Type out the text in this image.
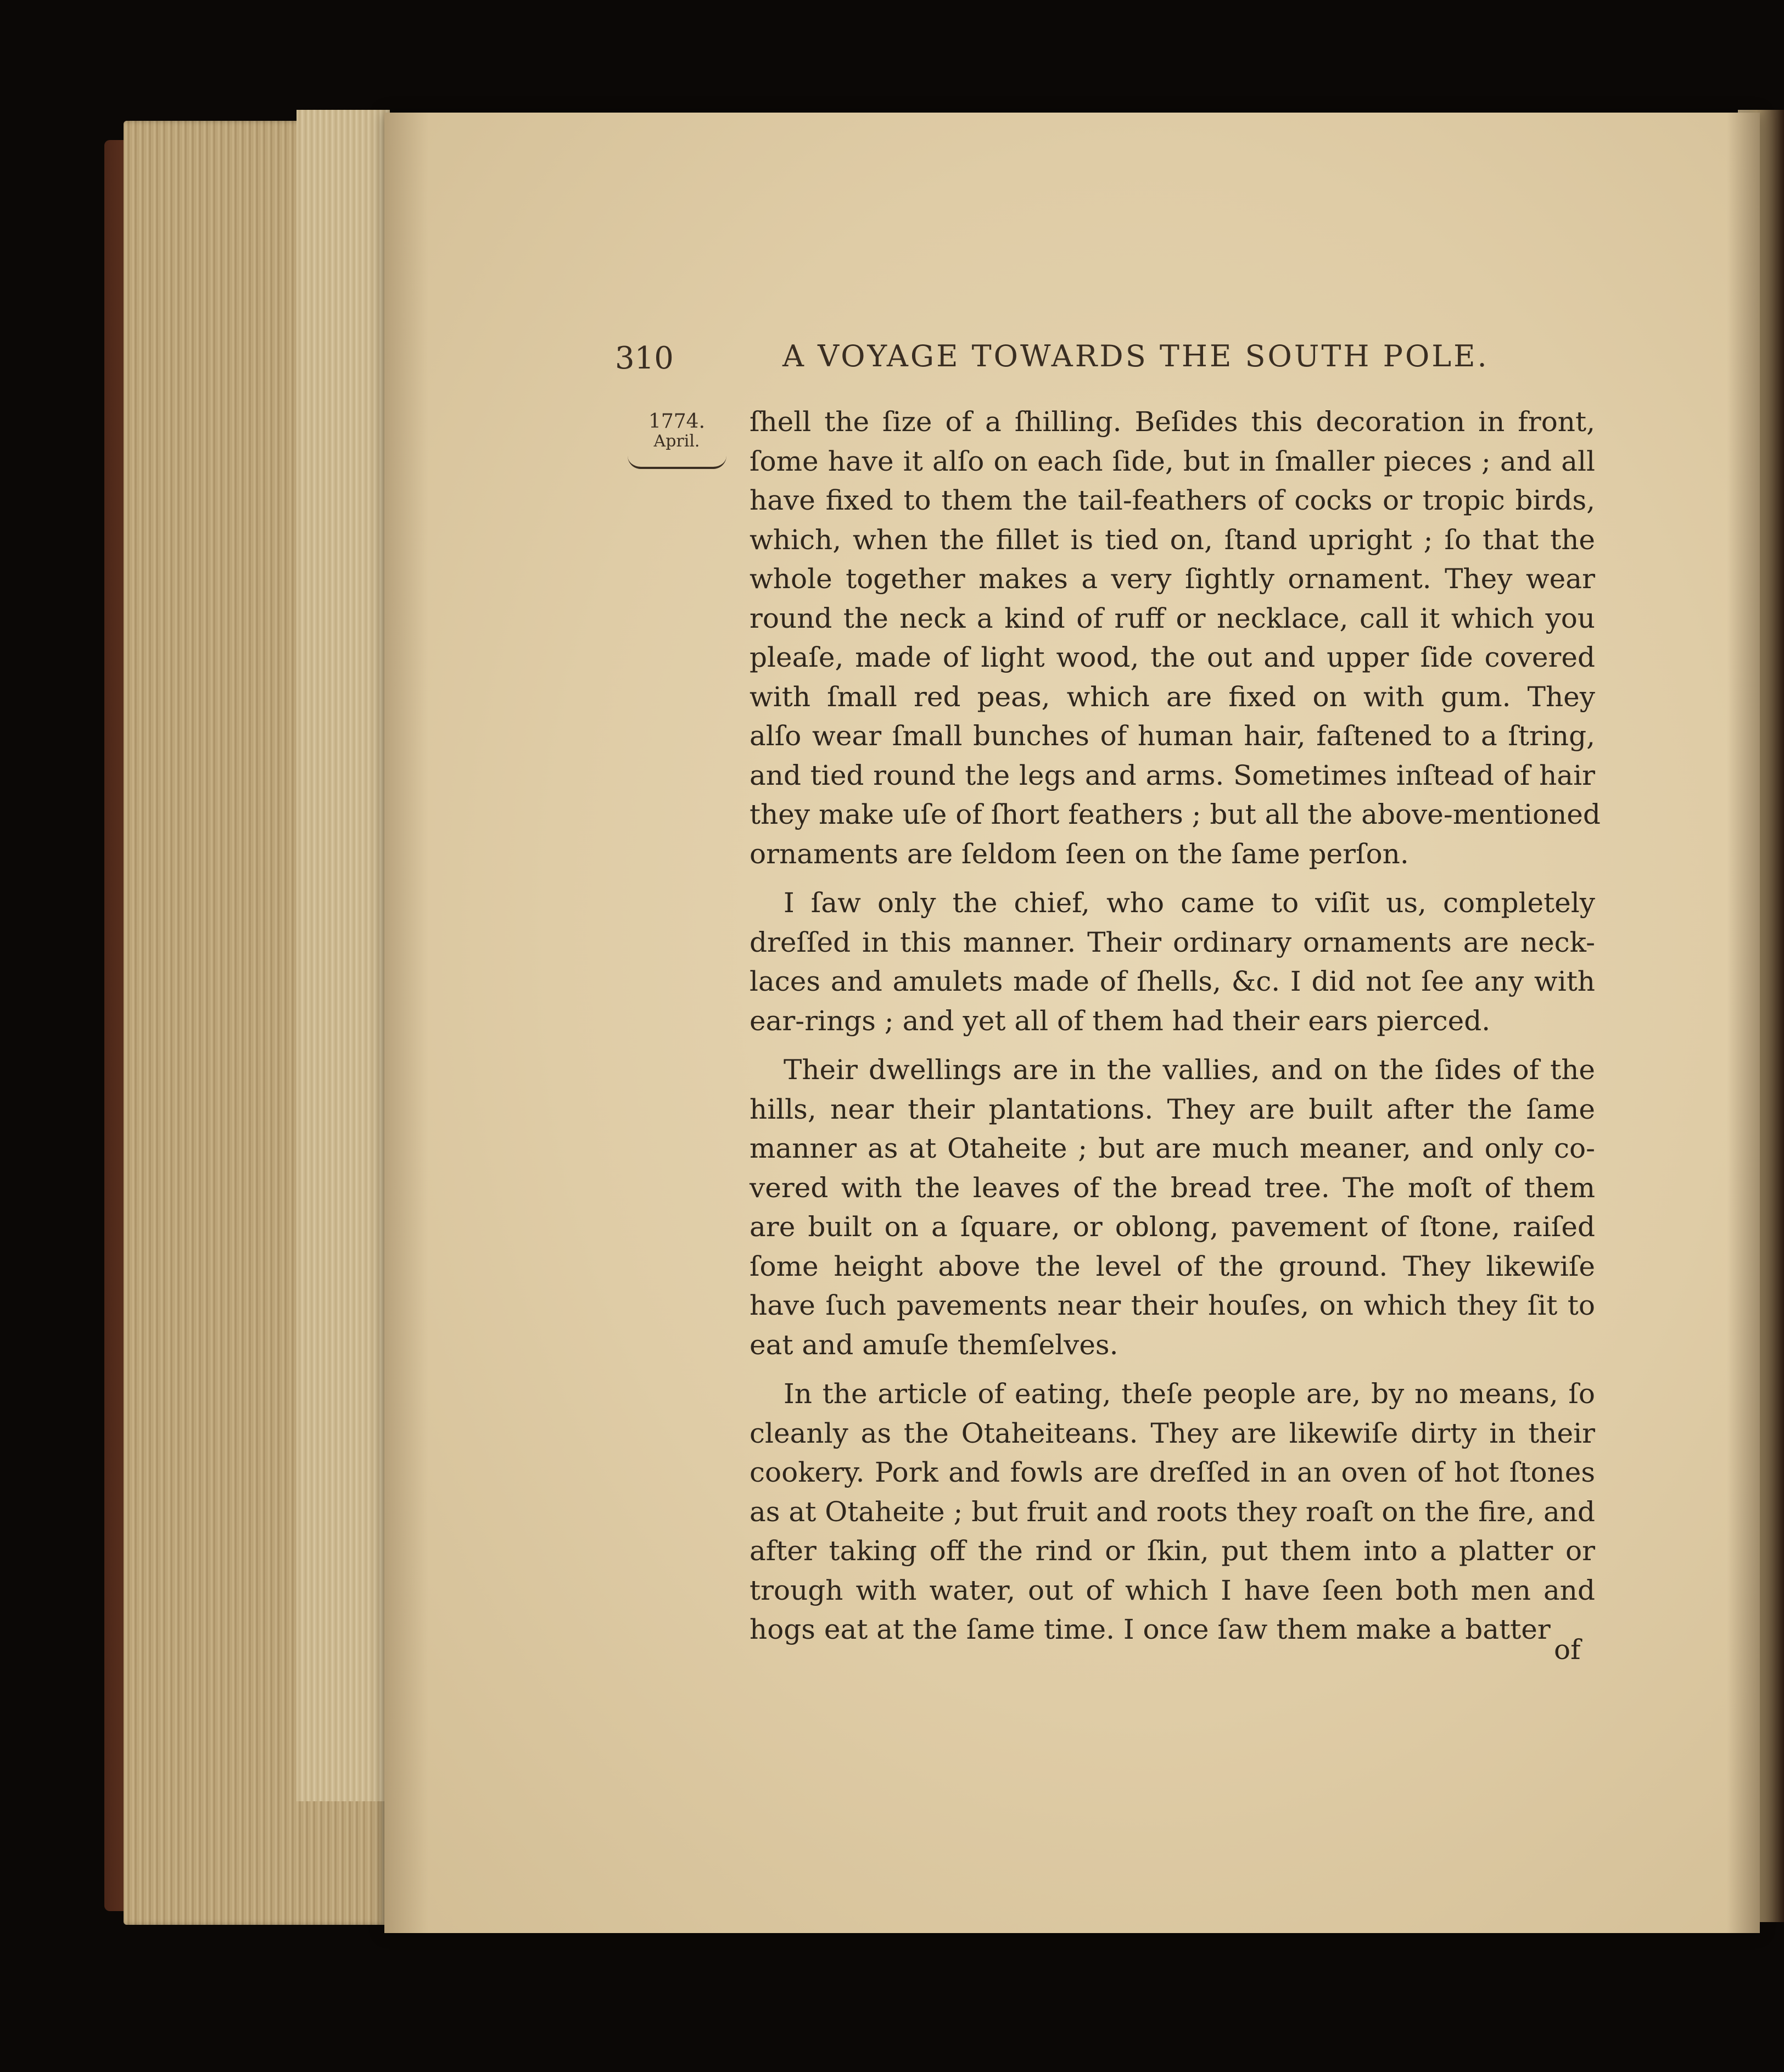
310	A VOYAGE TOWARDS THE SOUTH POLE.
1774.
April.

ſhell the ſize of a ſhilling. Beſides this decoration in front,
ſome have it alſo on each ſide, but in ſmaller pieces ; and all
have fixed to them the tail-feathers of cocks or tropic birds,
which, when the fillet is tied on, ſtand upright ; ſo that the
whole together makes a very ſightly ornament. They wear
round the neck a kind of ruff or necklace, call it which you
pleaſe, made of light wood, the out and upper ſide covered
with ſmall red peas, which are fixed on with gum. They
alſo wear ſmall bunches of human hair, faſtened to a ſtring,
and tied round the legs and arms. Sometimes inſtead of hair
they make uſe of ſhort feathers ; but all the above-mentioned
ornaments are ſeldom ſeen on the ſame perſon.

I ſaw only the chief, who came to viſit us, completely
dreſſed in this manner. Their ordinary ornaments are neck-
laces and amulets made of ſhells, &c. I did not ſee any with
ear-rings ; and yet all of them had their ears pierced.

Their dwellings are in the vallies, and on the ſides of the
hills, near their plantations. They are built after the ſame
manner as at Otaheite ; but are much meaner, and only co-
vered with the leaves of the bread tree. The moſt of them
are built on a ſquare, or oblong, pavement of ſtone, raiſed
ſome height above the level of the ground. They likewiſe
have ſuch pavements near their houſes, on which they ſit to
eat and amuſe themſelves.

In the article of eating, theſe people are, by no means, ſo
cleanly as the Otaheiteans. They are likewiſe dirty in their
cookery. Pork and fowls are dreſſed in an oven of hot ſtones
as at Otaheite ; but fruit and roots they roaſt on the fire, and
after taking off the rind or ſkin, put them into a platter or
trough with water, out of which I have ſeen both men and
hogs eat at the ſame time. I once ſaw them make a batter

of
